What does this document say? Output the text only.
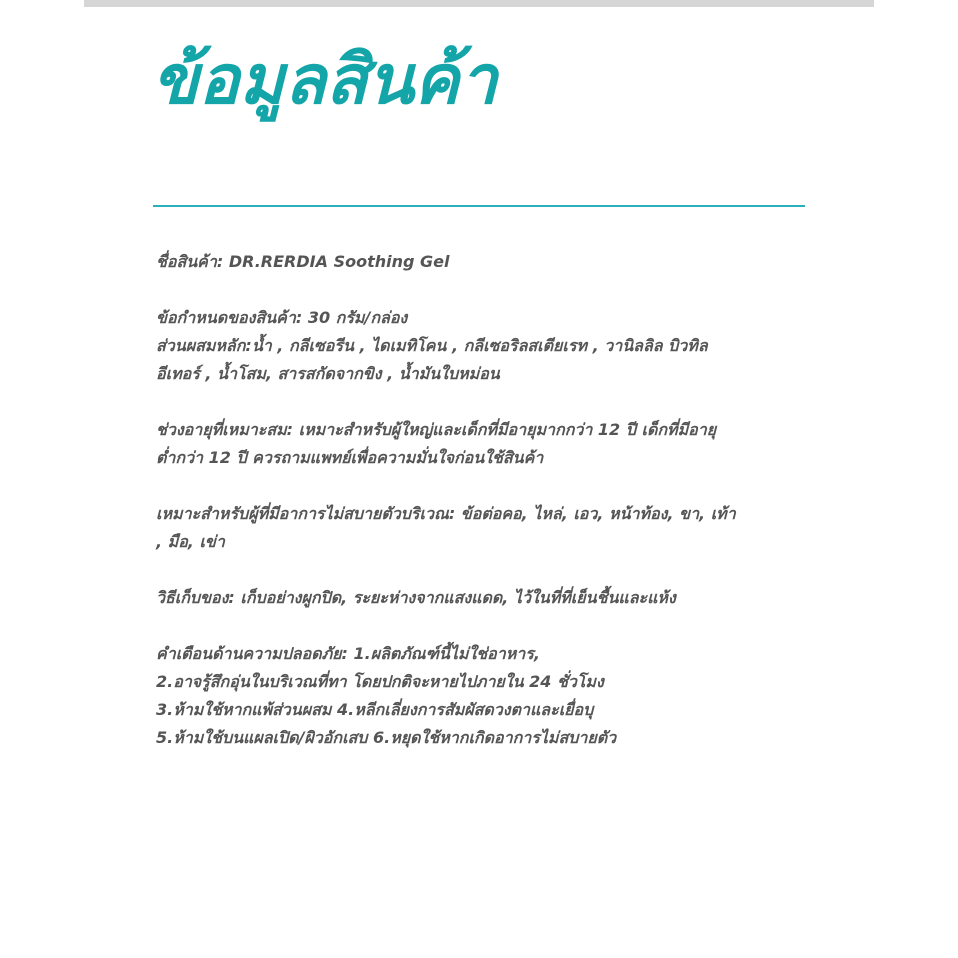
ข้อมูลสินค้า

ชื่อสินค้า: DR.RERDIA Soothing Gel

ข้อกำหนดของสินค้า: 30 กรัม/กล่อง
ส่วนผสมหลัก:น้ำ , กลีเซอรีน , ไดเมทิโคน , กลีเซอริลสเตียเรท , วานิลลิล บิวทิล
อีเทอร์ , น้ำโสม, สารสกัดจากขิง , น้ำมันใบหม่อน

ช่วงอายุที่เหมาะสม: เหมาะสำหรับผู้ใหญ่และเด็กที่มีอายุมากกว่า 12 ปี เด็กที่มีอายุ
ต่ำกว่า 12 ปี ควรถามแพทย์เพื่อความมั่นใจก่อนใช้สินค้า

เหมาะสำหรับผู้ที่มีอาการไม่สบายตัวบริเวณ: ข้อต่อคอ, ไหล่, เอว, หน้าท้อง, ขา, เท้า
, มือ, เข่า

วิธีเก็บของ: เก็บอย่างผูกปิด, ระยะห่างจากแสงแดด, ไว้ในที่ที่เย็นชื้นและแห้ง

คำเตือนด้านความปลอดภัย: 1.ผลิตภัณฑ์นี้ไม่ใช่อาหาร,
2.อาจรู้สึกอุ่นในบริเวณที่ทา โดยปกติจะหายไปภายใน 24 ชั่วโมง
3.ห้ามใช้หากแพ้ส่วนผสม 4.หลีกเลี่ยงการสัมผัสดวงตาและเยื่อบุ
5.ห้ามใช้บนแผลเปิด/ผิวอักเสบ 6.หยุดใช้หากเกิดอาการไม่สบายตัว
